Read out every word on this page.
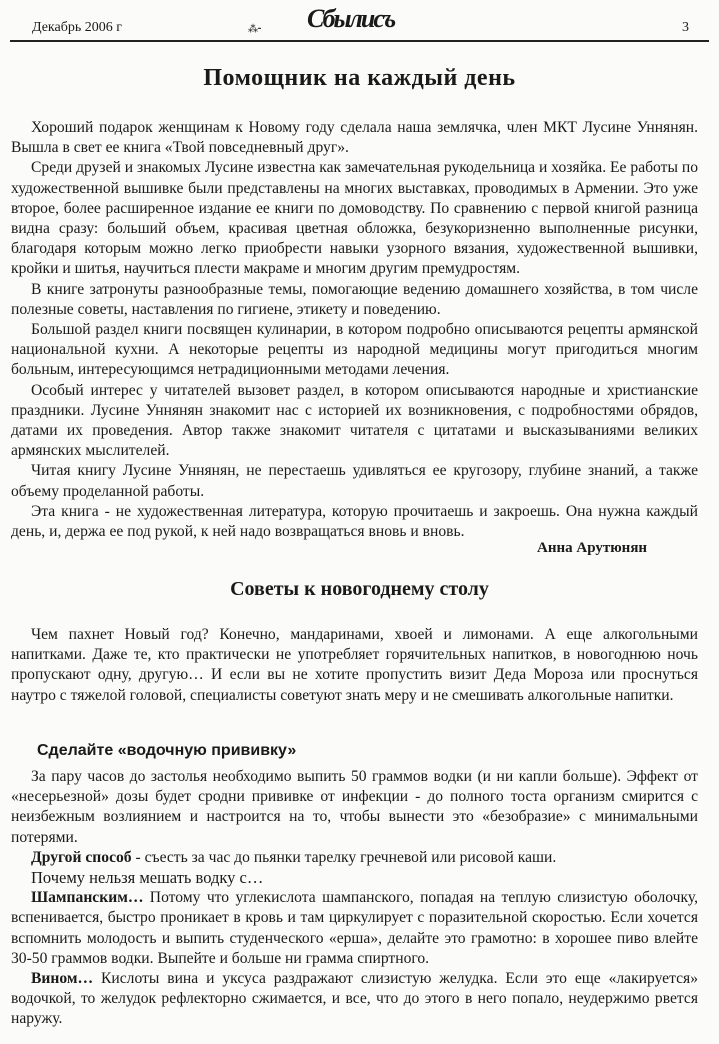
Декабрь 2006 г	⁂⁃ Сбылисъ	3
Помощник на каждый день

Хороший подарок женщинам к Новому году сделала наша землячка, член МКТ Лусине Уннянян. Вышла в свет ее книга «Твой повседневный друг».

Среди друзей и знакомых Лусине известна как замечательная рукодельница и хозяйка. Ее работы по художественной вышивке были представлены на многих выставках, проводимых в Армении. Это уже второе, более расширенное издание ее книги по домоводству. По сравнению с первой книгой разница видна сразу: больший объем, красивая цветная обложка, безукоризненно выполненные рисунки, благодаря которым можно легко приобрести навыки узорного вязания, художественной вышивки, кройки и шитья, научиться плести макраме и многим другим премудростям.

В книге затронуты разнообразные темы, помогающие ведению домашнего хозяйства, в том числе полезные советы, наставления по гигиене, этикету и поведению.

Большой раздел книги посвящен кулинарии, в котором подробно описываются рецепты армянской национальной кухни. А некоторые рецепты из народной медицины могут пригодиться многим больным, интересующимся нетрадиционными методами лечения.

Особый интерес у читателей вызовет раздел, в котором описываются народные и христианские праздники. Лусине Уннянян знакомит нас с историей их возникновения, с подробностями обрядов, датами их проведения. Автор также знакомит читателя с цитатами и высказываниями великих армянских мыслителей.

Читая книгу Лусине Уннянян, не перестаешь удивляться ее кругозору, глубине знаний, а также объему проделанной работы.

Эта книга - не художественная литература, которую прочитаешь и закроешь. Она нужна каждый день, и, держа ее под рукой, к ней надо возвращаться вновь и вновь.

Анна Арутюнян
Советы к новогоднему столу

Чем пахнет Новый год? Конечно, мандаринами, хвоей и лимонами. А еще алкогольными напитками. Даже те, кто практически не употребляет горячительных напитков, в новогоднюю ночь пропускают одну, другую… И если вы не хотите пропустить визит Деда Мороза или проснуться наутро с тяжелой головой, специалисты советуют знать меру и не смешивать алкогольные напитки.

Сделайте «водочную прививку»

За пару часов до застолья необходимо выпить 50 граммов водки (и ни капли больше). Эффект от «несерьезной» дозы будет сродни прививке от инфекции - до полного тоста организм смирится с неизбежным возлиянием и настроится на то, чтобы вынести это «безобразие» с минимальными потерями.

Другой способ - съесть за час до пьянки тарелку гречневой или рисовой каши.

Почему нельзя мешать водку с…

Шампанским… Потому что углекислота шампанского, попадая на теплую слизистую оболочку, вспенивается, быстро проникает в кровь и там циркулирует с поразительной скоростью. Если хочется вспомнить молодость и выпить студенческого «ерша», делайте это грамотно: в хорошее пиво влейте 30-50 граммов водки. Выпейте и больше ни грамма спиртного.

Вином… Кислоты вина и уксуса раздражают слизистую желудка. Если это еще «лакируется» водочкой, то желудок рефлекторно сжимается, и все, что до этого в него попало, неудержимо рвется наружу.
